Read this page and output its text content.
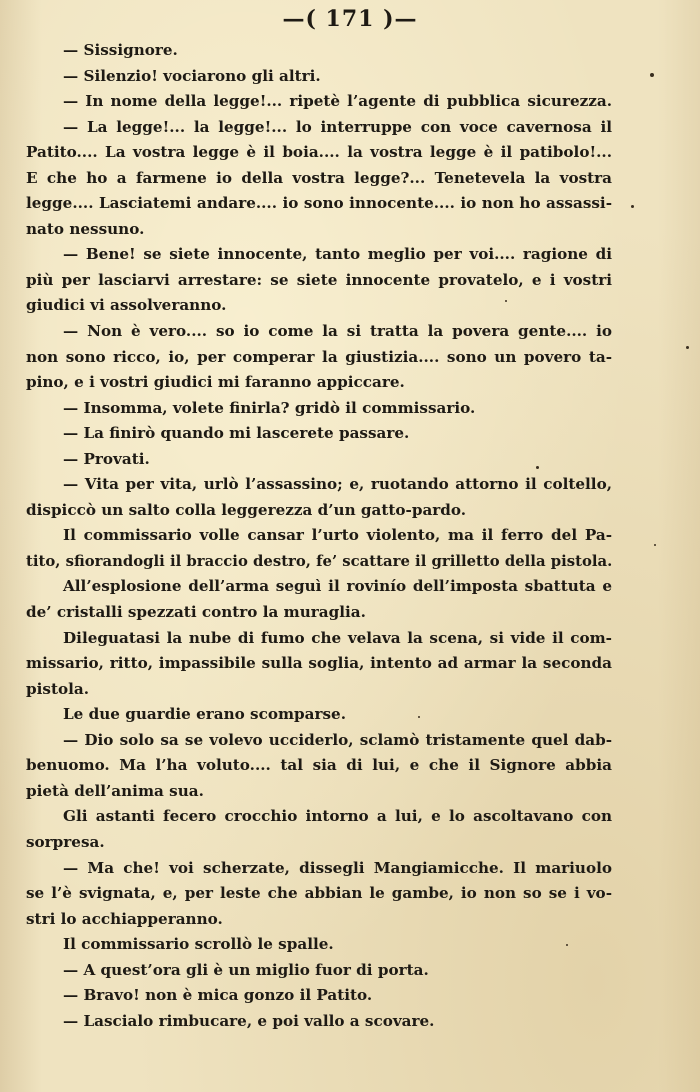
—( 171 )—
— Sissignore.
— Silenzio! vociarono gli altri.
— In nome della legge!... ripetè l’agente di pubblica sicurezza.
— La legge!... la legge!... lo interruppe con voce cavernosa il
Patito.... La vostra legge è il boia.... la vostra legge è il patibolo!...
E che ho a farmene io della vostra legge?... Tenetevela la vostra
legge.... Lasciatemi andare.... io sono innocente.... io non ho assassi-
nato nessuno.
— Bene! se siete innocente, tanto meglio per voi.... ragione di
più per lasciarvi arrestare: se siete innocente provatelo, e i vostri
giudici vi assolveranno.
— Non è vero.... so io come la si tratta la povera gente.... io
non sono ricco, io, per comperar la giustizia.... sono un povero ta-
pino, e i vostri giudici mi faranno appiccare.
— Insomma, volete finirla? gridò il commissario.
— La finirò quando mi lascerete passare.
— Provati.
— Vita per vita, urlò l’assassino; e, ruotando attorno il coltello,
dispiccò un salto colla leggerezza d’un gatto-pardo.
Il commissario volle cansar l’urto violento, ma il ferro del Pa-
tito, sfiorandogli il braccio destro, fe’ scattare il grilletto della pistola.
All’esplosione dell’arma seguì il rovinío dell’imposta sbattuta e
de’ cristalli spezzati contro la muraglia.
Dileguatasi la nube di fumo che velava la scena, si vide il com-
missario, ritto, impassibile sulla soglia, intento ad armar la seconda
pistola.
Le due guardie erano scomparse.
— Dio solo sa se volevo ucciderlo, sclamò tristamente quel dab-
benuomo. Ma l’ha voluto.... tal sia di lui, e che il Signore abbia
pietà dell’anima sua.
Gli astanti fecero crocchio intorno a lui, e lo ascoltavano con
sorpresa.
— Ma che! voi scherzate, dissegli Mangiamicche. Il mariuolo
se l’è svignata, e, per leste che abbian le gambe, io non so se i vo-
stri lo acchiapperanno.
Il commissario scrollò le spalle.
— A quest’ora gli è un miglio fuor di porta.
— Bravo! non è mica gonzo il Patito.
— Lascialo rimbucare, e poi vallo a scovare.
